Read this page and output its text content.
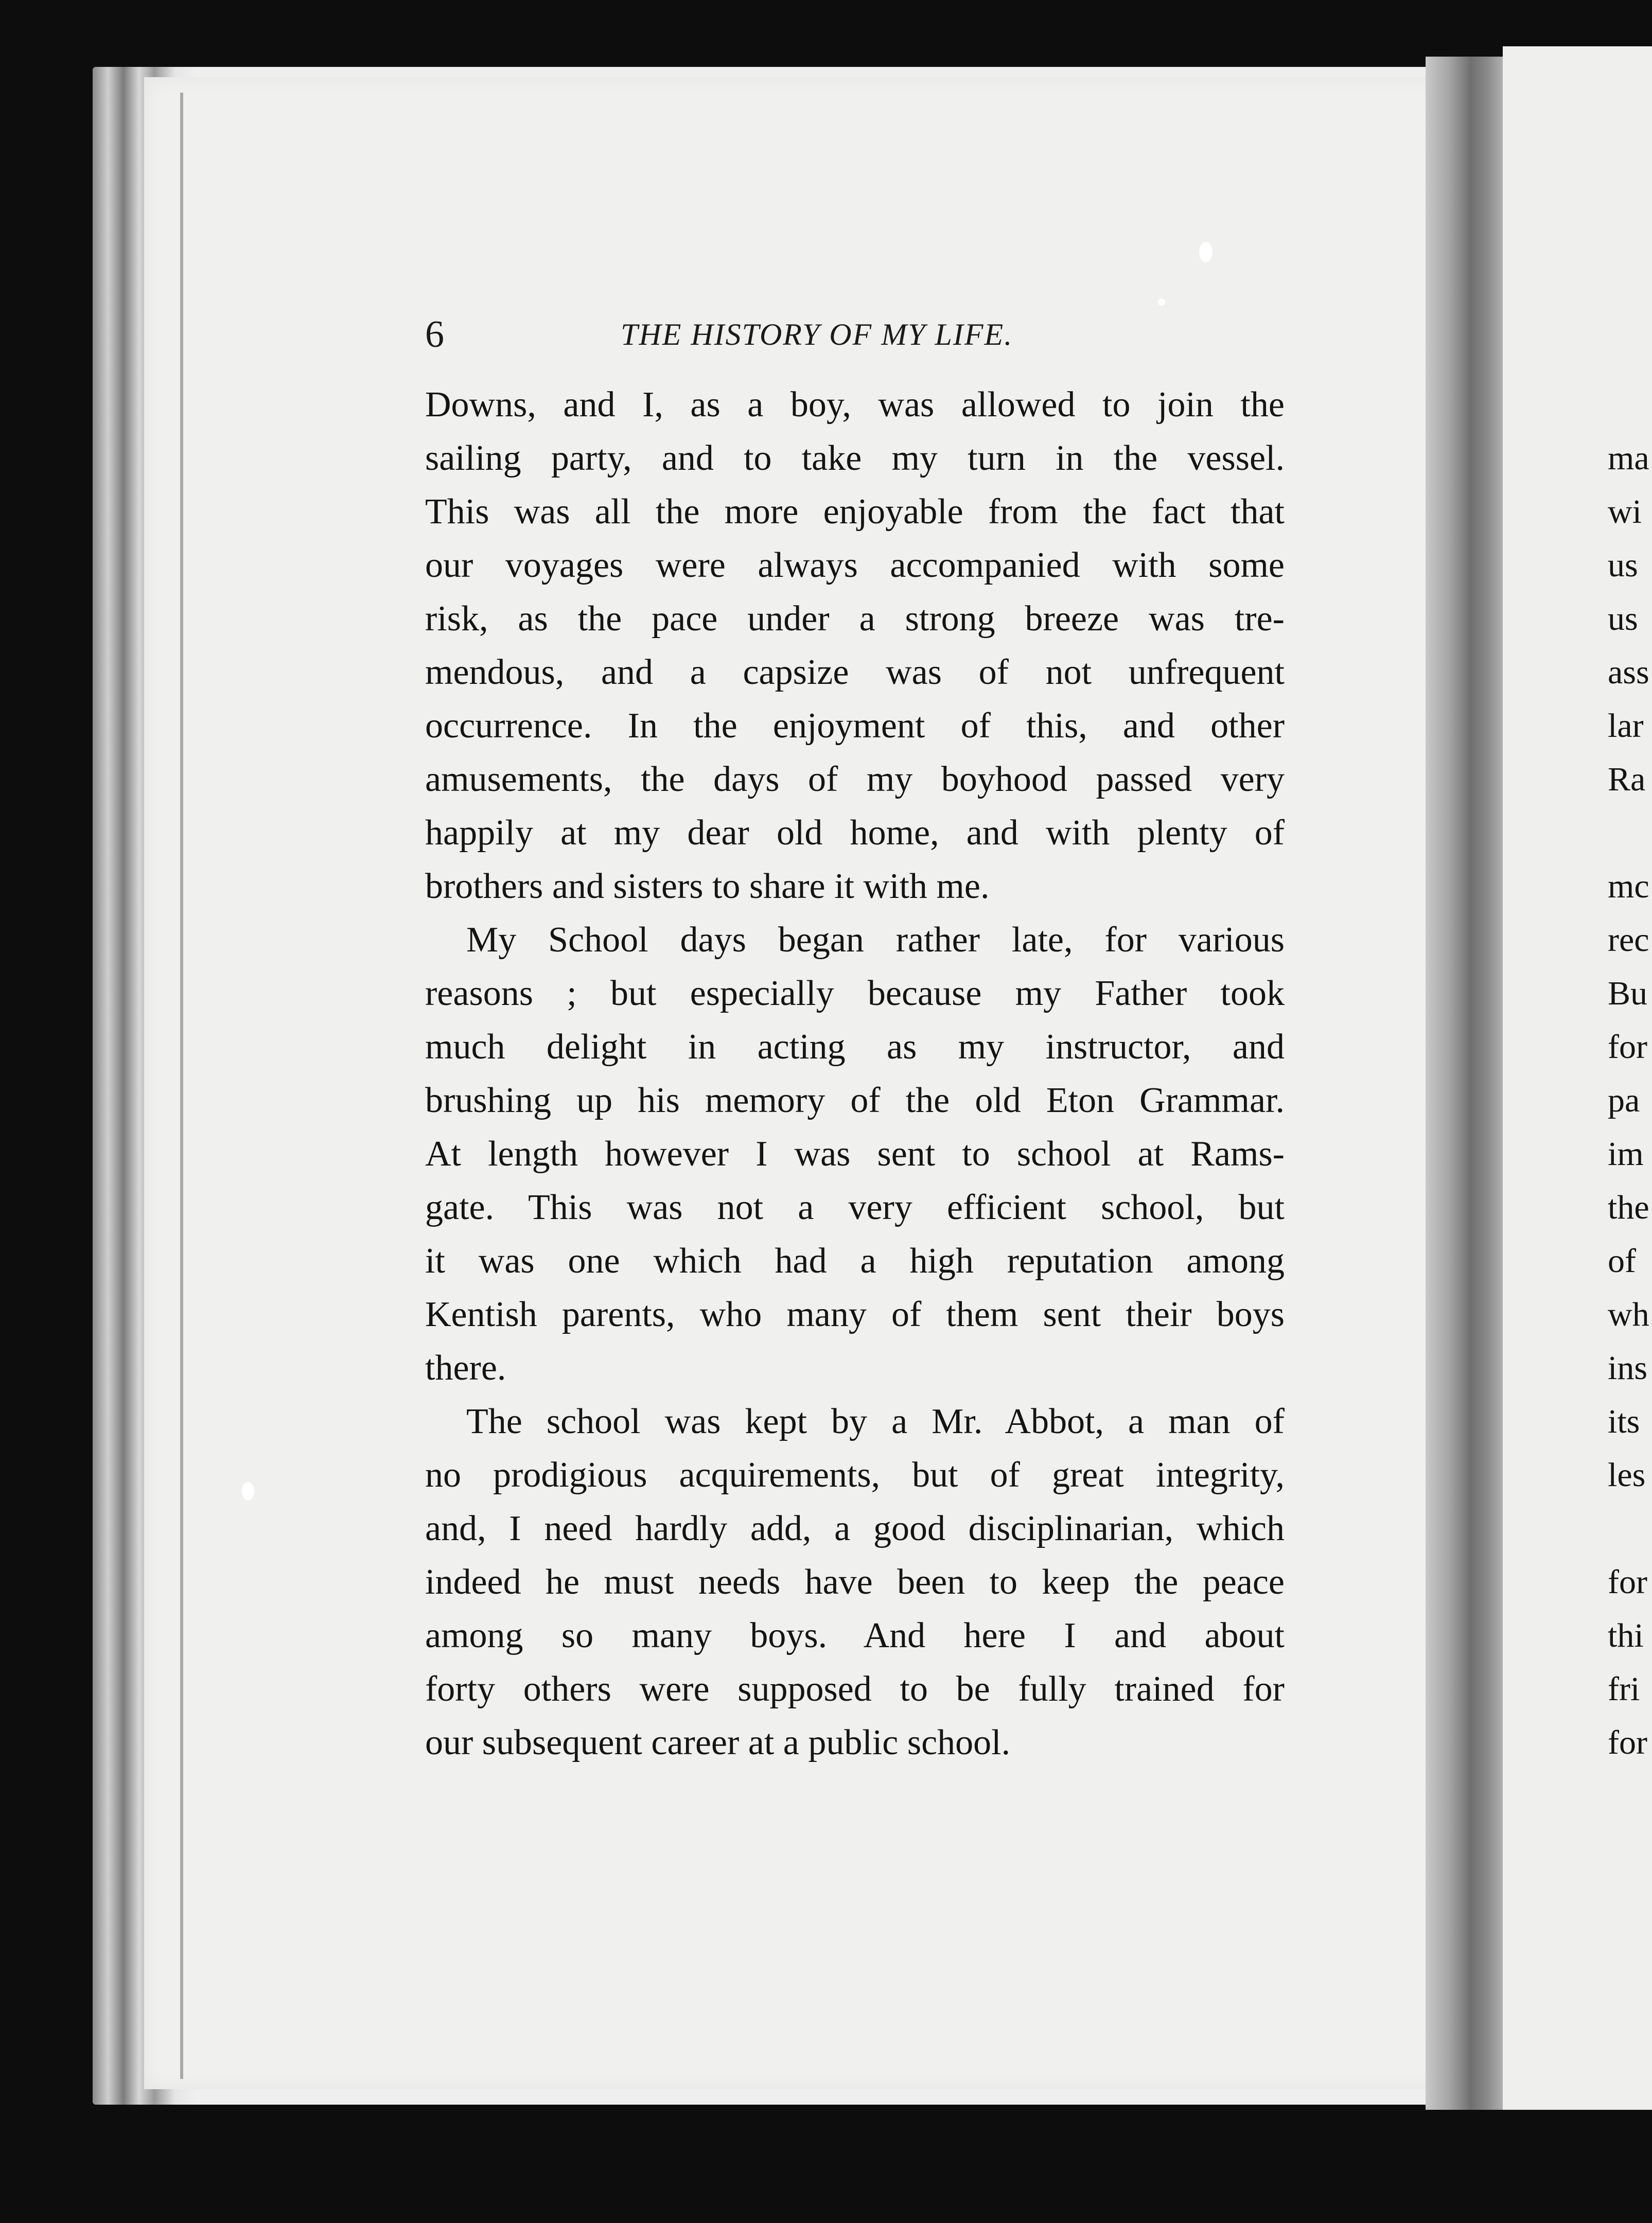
6	THE HISTORY OF MY LIFE.
Downs, and I, as a boy, was allowed to join the
sailing party, and to take my turn in the vessel.
This was all the more enjoyable from the fact that
our voyages were always accompanied with some
risk, as the pace under a strong breeze was tre-
mendous, and a capsize was of not unfrequent
occurrence. In the enjoyment of this, and other
amusements, the days of my boyhood passed very
happily at my dear old home, and with plenty of
brothers and sisters to share it with me.
My School days began rather late, for various
reasons ; but especially because my Father took
much delight in acting as my instructor, and
brushing up his memory of the old Eton Grammar.
At length however I was sent to school at Rams-
gate. This was not a very efficient school, but
it was one which had a high reputation among
Kentish parents, who many of them sent their boys
there.
The school was kept by a Mr. Abbot, a man of
no prodigious acquirements, but of great integrity,
and, I need hardly add, a good disciplinarian, which
indeed he must needs have been to keep the peace
among so many boys. And here I and about
forty others were supposed to be fully trained for
our subsequent career at a public school.
ma
wi
us
us
ass
lar
Ra
mc
rec
Bu
for
pa
im
the
of
wh
ins
its
les
for
thi
fri
for
